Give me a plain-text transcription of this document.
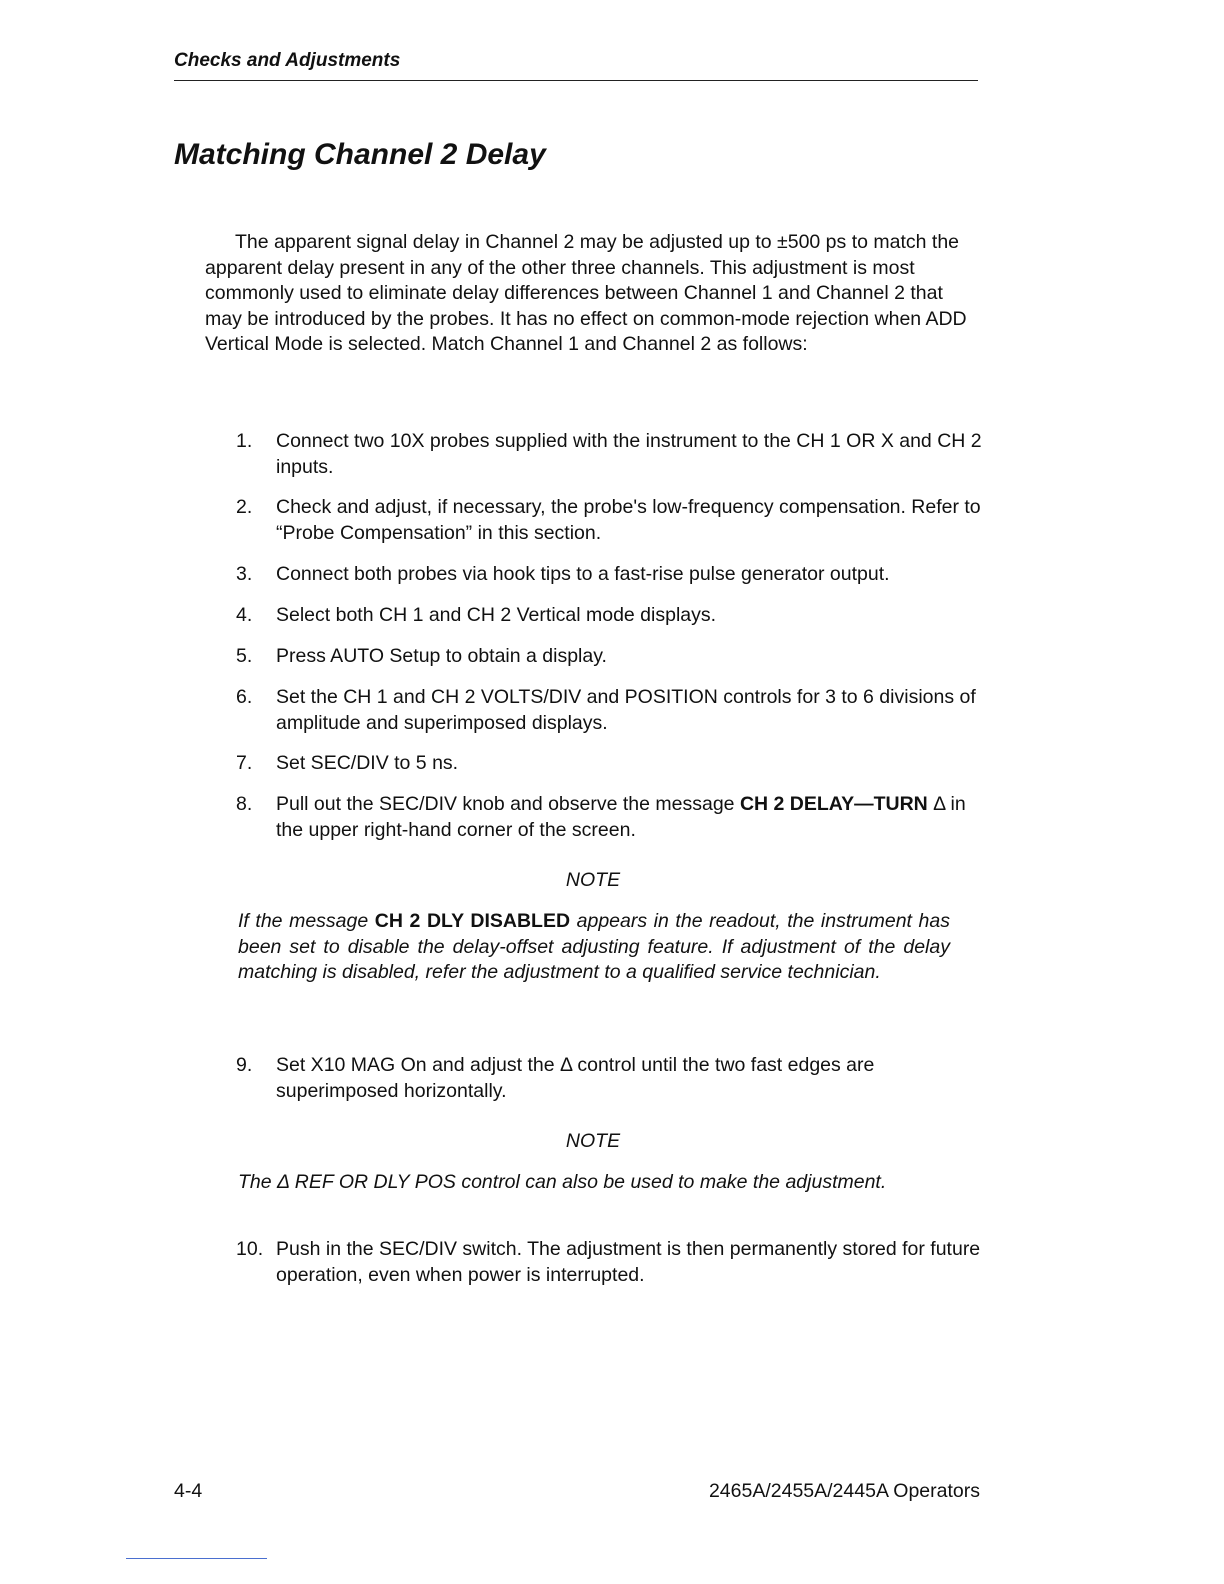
Checks and Adjustments
Matching Channel 2 Delay

The apparent signal delay in Channel 2 may be adjusted up to ±500 ps to match the apparent delay present in any of the other three channels. This adjustment is most commonly used to eliminate delay differences between Channel 1 and Channel 2 that may be introduced by the probes. It has no effect on common-mode rejection when ADD Vertical Mode is selected. Match Channel 1 and Channel 2 as follows:

1. Connect two 10X probes supplied with the instrument to the CH 1 OR X and CH 2 inputs.
2. Check and adjust, if necessary, the probe's low-frequency compensation. Refer to “Probe Compensation” in this section.
3. Connect both probes via hook tips to a fast-rise pulse generator output.
4. Select both CH 1 and CH 2 Vertical mode displays.
5. Press AUTO Setup to obtain a display.
6. Set the CH 1 and CH 2 VOLTS/DIV and POSITION controls for 3 to 6 divisions of amplitude and superimposed displays.
7. Set SEC/DIV to 5 ns.
8. Pull out the SEC/DIV knob and observe the message CH 2 DELAY—TURN Δ in the upper right-hand corner of the screen.
NOTE

If the message CH 2 DLY DISABLED appears in the readout, the instrument has been set to disable the delay-offset adjusting feature. If adjustment of the delay matching is disabled, refer the adjustment to a qualified service technician.

9. Set X10 MAG On and adjust the Δ control until the two fast edges are superimposed horizontally.
NOTE

The Δ REF OR DLY POS control can also be used to make the adjustment.

10. Push in the SEC/DIV switch. The adjustment is then permanently stored for future operation, even when power is interrupted.
4-4	2465A/2455A/2445A Operators
